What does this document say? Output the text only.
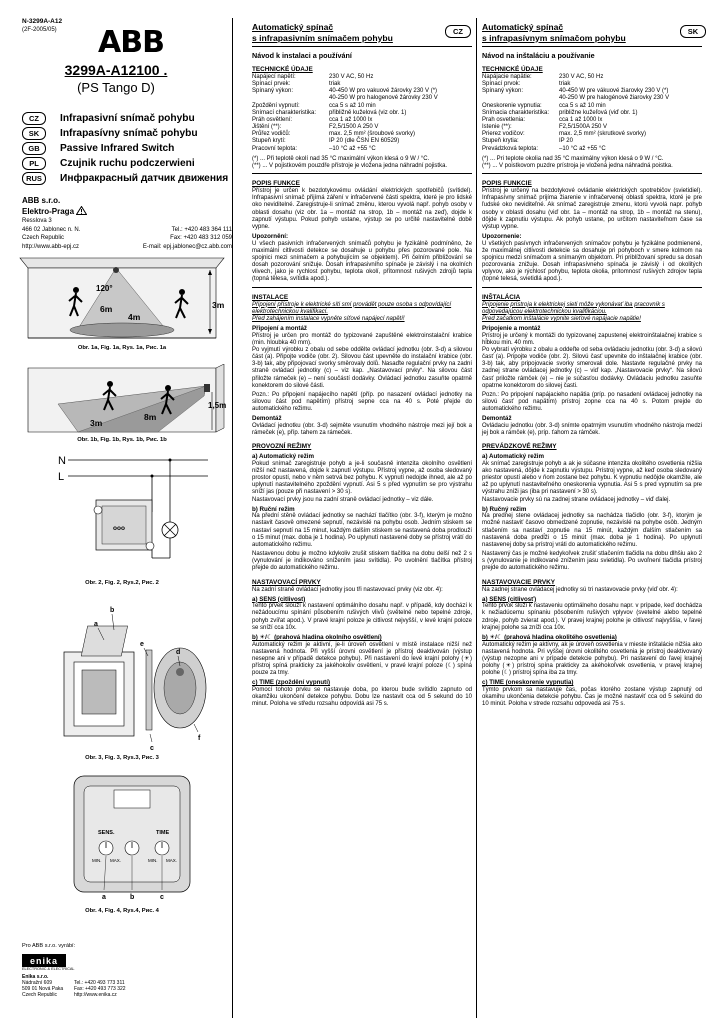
N-3299A-A12
(2F-2005/05) ABB
3299A-A12100 .
(PS Tango D)
CZ	Infrapasivní snímač pohybu
SK	Infrapasívny snímač pohybu
GB	Passive Infrared Switch
PL	Czujnik ruchu podczerwieni
RUS	Инфракрасный датчик движения
ABB s.r.o.
Elektro-Praga
Resslova 3
466 02 Jablonec n. N.	Tel.: +420 483 364 111
Czech Republic	Fax: +420 483 312 059
http://www.abb-epj.cz	E-mail: epj.jablonec@cz.abb.com
120°
6m
4m
3m
Obr. 1a, Fig. 1a, Rys. 1a, Рис. 1a
3m
8m
1,5m
Obr. 1b, Fig. 1b, Rys. 1b, Рис. 1b
N
L
ooo
Obr. 2, Fig. 2, Rys.2, Рис. 2
b
a
e
d
f
c
Obr. 3, Fig. 3, Rys.3, Рис. 3
SENS.	TIME
MIN. MAX.	MIN. MAX.
a	b	c
Obr. 4, Fig. 4, Rys.4, Рис. 4
Pro ABB s.r.o. vyrábí:
enika
ELECTRONIC & ELECTRICAL
Enika s.r.o.
Nádražní 609	Tel.: +420 493 773 311
509 01 Nová Paka	Fax: +420 493 773 322
Czech Republic	http://www.enika.cz
CZ
Automatický spínač
s infrapasivním snímačem pohybu
Návod k instalaci a používání
TECHNICKÉ ÚDAJE
Napájecí napětí:	230 V AC, 50 Hz
Spínací prvek:	triak
Spínaný výkon:	40-450 W pro vakuové žárovky 230 V (*)
40-250 W pro halogenové žárovky 230 V
Zpoždění vypnutí:	cca 5 s až 10 min
Snímací charakteristika:	přibližně kuželová (viz obr. 1)
Práh osvětlení:	cca 1 až 1000 lx
Jištění (**):	F2,5/1500 A 250 V
Průřez vodičů:	max. 2,5 mm² (šroubové svorky)
Stupeň krytí:	IP 20 (dle ČSN EN 60529)
Pracovní teplota:	–10 °C až +55 °C
(*) ... Při teplotě okolí nad 35 °C maximální výkon klesá o 9 W / °C.
(**) ... V pojistkovém pouzdře přístroje je vložena jedna náhradní pojistka.
POPIS FUNKCE
Přístroj je určen k bezdotykovému ovládání elektrických spotřebičů (svítidel). Infrapasivní snímač přijímá záření v infračervené části spektra, které je pro lidské oko neviditelné. Zaregistruje-li snímač změnu, kterou vyvolá např. pohyb osoby v oblasti dosahu (viz obr. 1a – montáž na strop, 1b – montáž na zeď), dojde k zapnutí výstupu. Pokud pohyb ustane, výstup se po určité nastavitelné době vypne.
Upozornění:
U všech pasivních infračervených snímačů pohybu je fyzikálně podmíněno, že maximální citlivosti detekce se dosahuje u pohybu přes pozorované pole. Na spojnici mezi snímačem a pohybujícím se objektem). Při čelním přibližování se dosah pozorování snižuje. Dosah infrapasivního spínače je závislý i na okolních vlivech, jako je rychlost pohybu, teplota okolí, přítomnost rušivých zdrojů tepla (topná tělesa, svítidla apod.).
INSTALACE
Připojení přístroje k elektrické síti smí provádět pouze osoba s odpovídající elektrotechnickou kvalifikací.
Před zahájením instalace vypněte síťové napájecí napětí!
Připojení a montáž
Přístroj je určen pro montáž do typizované zapuštěné elektroinstalační krabice (min. hloubka 40 mm).
Po vyjmutí výrobku z obalu od sebe oddělte ovládací jednotku (obr. 3-d) a silovou část (a). Připojte vodiče (obr. 2). Silovou část upevněte do instalační krabice (obr. 3-b) tak, aby připojovací svorky směrovaly dolů. Nasaďte regulační prvky na zadní straně ovládací jednotky (c) – viz kap. „Nastavovací prvky“. Na silovou část přiložte rámeček (e) – není součástí dodávky. Ovládací jednotku zasuňte opatrně konektorem do silové části.
Pozn.: Po připojení napájecího napětí (příp. po nasazení ovládací jednotky na silovou část pod napětím) přístroj sepne cca na 40 s. Poté přejde do automatického režimu.
Demontáž
Ovládací jednotku (obr. 3-d) sejměte vsunutím vhodného nástroje mezi její bok a rámeček (e), příp. tahem za rámeček.
PROVOZNÍ REŽIMY
a) Automatický režim
Pokud snímač zaregistruje pohyb a je-li současně intenzita okolního osvětlení nižší než nastavená, dojde k zapnutí výstupu. Přístroj vypne, až osoba sledovaný prostor opustí, nebo v něm setrvá bez pohybu. K vypnutí nedojde ihned, ale až po uplynutí nastavitelného zpoždění vypnutí. Asi 5 s před vypnutím se pro výstrahu sníží jas (pouze při nastavení > 30 s).
Nastavovací prvky jsou na zadní straně ovládací jednotky – viz dále.
b) Ruční režim
Na přední stěně ovládací jednotky se nachází tlačítko (obr. 3-f), kterým je možno nastavit časově omezené sepnutí, nezávislé na pohybu osob. Jedním stiskem se nastaví sepnutí na 15 minut, každým dalším stiskem se nastavená doba prodlouží o 15 minut (max. doba je 1 hodina). Po uplynutí nastavené doby se přístroj vrátí do automatického režimu.
Nastavenou dobu je možno kdykoliv zrušit stiskem tlačítka na dobu delší než 2 s (vynulování je indikováno snížením jasu svítidla). Po uvolnění tlačítka přístroj přejde do automatického režimu.
NASTAVOVACÍ PRVKY
Na zadní straně ovládací jednotky jsou tři nastavovací prvky (viz obr. 4):
a) SENS (citlivost)
Tento prvek slouží k nastavení optimálního dosahu např. v případě, kdy dochází k nežádoucímu spínání působením rušivých vlivů (světelné nebo tepelné zdroje, pohyb zvířat apod.). V pravé krajní poloze je citlivost nejvyšší, v levé krajní poloze se sníží cca 10x.
b) ☀/☾ (prahová hladina okolního osvětlení)
Automatický režim je aktivní, je-li úroveň osvětlení v místě instalace nižší než nastavená hodnota. Při vyšší úrovni osvětlení je přístroj deaktivován (výstup nesepne ani v případě detekce pohybu). Při nastavení do levé krajní polohy (☀) přístroj spíná prakticky za jakéhokoliv osvětlení, v pravé krajní poloze (☾) spíná pouze za tmy.
c) TIME (zpoždění vypnutí)
Pomocí tohoto prvku se nastavuje doba, po kterou bude svítidlo zapnuto od okamžiku ukončení detekce pohybu. Dobu lze nastavit cca od 5 sekund do 10 minut. Poloha ve středu rozsahu odpovídá asi 75 s.
SK
Automatický spínač
s infrapasívnym snímačom pohybu
Návod na inštaláciu a používanie
TECHNICKÉ ÚDAJE
Napájacie napätie:	230 V AC, 50 Hz
Spínací prvok:	triak
Spínaný výkon:	40-450 W pre vákuové žiarovky 230 V (*)
40-250 W pre halogénové žiarovky 230 V
Oneskorenie vypnutia:	cca 5 s až 10 min
Snímacia charakteristika:	približne kužeľová (viď obr. 1)
Prah osvetlenia:	cca 1 až 1000 lx
Istenie (**):	F2,5/1500A 250 V
Prierez vodičov:	max. 2,5 mm² (skrutkové svorky)
Stupeň krytia:	IP 20
Prevádzková teplota:	–10 °C až +55 °C
(*) ... Pri teplote okolia nad 35 °C maximálny výkon klesá o 9 W / °C.
(**) ... V poistkovom puzdre prístroja je vložená jedna náhradná poistka.
POPIS FUNKCIE
Prístroj je určený na bezdotykové ovládanie elektrických spotrebičov (svietidiel). Infrapasívny snímač prijíma žiarenie v infračervenej oblasti spektra, ktoré je pre ľudské oko neviditeľné. Ak snímač zaregistruje zmenu, ktorú vyvolá napr. pohyb osoby v oblasti dosahu (viď obr. 1a – montáž na strop, 1b – montáž na stenu), dôjde k zapnutiu výstupu. Ak pohyb ustane, po určitom nastaviteľnom čase sa výstup vypne.
Upozornenie:
U všetkých pasívnych infračervených snímačov pohybu je fyzikálne podmienené, že maximálnej citlivosti detekcie sa dosahuje pri pohyboch v smere kolmom na spojnicu medzi snímačom a snímaným objektom. Pri priblížovaní spredu sa dosah pozorovania znižuje. Dosah infrapasívneho spínača je závislý i od okolitých vplyvov, ako je rýchlosť pohybu, teplota okolia, prítomnosť rušivých zdrojov tepla (topné telesá, svietidlá apod.).
INŠTALÁCIA
Pripojenie prístroja k elektrickej sieti môže vykonávať iba pracovník s odpovedajúcou elektrotechnickou kvalifikáciou.
Pred začatkom inštalácie vypnite sieťové napájacie napätie!
Pripojenie a montáž
Prístroj je určený k montáži do typizovanej zapustenej elektroinštalačnej krabice s hĺbkou min. 40 mm.
Po vybratí výrobku z obalu a oddeľte od seba ovládaciu jednotku (obr. 3-d) a silovú časť (a). Pripojte vodiče (obr. 2). Silovú časť upevnite do inštalačnej krabice (obr. 3-b) tak, aby pripojovacie svorky smerovali dole. Nastavte regulačné prvky na zadnej strane ovládacej jednotky (c) – viď kap. „Nastavovacie prvky“. Na silovú časť priložte rámček (e) – nie je súčasťou dodávky. Ovládaciu jednotku zasuňte opatrne konektorom do silovej časti.
Pozn.: Po pripojení napájacieho napätia (príp. po nasadení ovládacej jednotky na silovú časť pod napätím) prístroj zopne cca na 40 s. Potom prejde do automatického režimu.
Demontáž
Ovládaciu jednotku (obr. 3-d) snímte opatrným vsunutím vhodného nástroja medzi jej bok a rámček (e), príp. ťahom za rámček.
PREVÁDZKOVÉ REŽIMY
a) Automatický režim
Ak snímač zaregistruje pohyb a ak je súčasne intenzita okolitého osvetlenia nižšia ako nastavená, dôjde k zapnutiu výstupu. Prístroj vypne, až keď osoba sledovaný priestor opustí alebo v ňom zostane bez pohybu. K vypnutiu nedôjde okamžite, ale až po uplynutí nastaviteľného oneskorenia vypnutia. Asi 5 s pred vypnutím sa pre výstrahu zníži jas (iba pri nastavení > 30 s).
Nastavovacie prvky sú na zadnej strane ovládacej jednotky – viď ďalej.
b) Ručný režim
Na prednej stene ovládacej jednotky sa nachádza tlačidlo (obr. 3-f), ktorým je možné nastaviť časovo obmedzené zopnutie, nezávislé na pohybe osôb. Jedným stlačením sa nastaví zopnutie na 15 minút, každým ďalším stlačením sa nastavená doba predĺži o 15 minút (max. doba je 1 hodina). Po uplynutí nastavenej doby sa prístroj vráti do automatického režimu.
Nastavený čas je možné kedykoľvek zrušiť stlačením tlačidla na dobu dlhšiu ako 2 s (vynulovanie je indikované znížením jasu svietidla). Po uvoľnení tlačidla prístroj prejde do automatického režimu.
NASTAVOVACIE PRVKY
Na zadnej strane ovládacej jednotky sú tri nastavovacie prvky (viď obr. 4):
a) SENS (citlivosť)
Tento prvok slúži k nastaveniu optimálneho dosahu napr. v prípade, keď dochádza k nežiadúcemu spínaniu pôsobením rušivých vplyvov (svetelné alebo tepelné zdroje, pohyb zvierat apod.). V pravej krajnej polohe je citlivosť najvyššia, v ľavej krajnej polohe sa zníži cca 10x.
b) ☀/☾ (prahová hladina okolitého osvetlenia)
Automatický režim je aktívny, ak je úroveň osvetlenia v mieste inštalácie nižšia ako nastavená hodnota. Pri vyššej úrovni okolitého osvetlenia je prístroj deaktivovaný (výstup nezopne ani v prípade detekcie pohybu). Pri nastavení do ľavej krajnej polohy (☀) prístroj spína prakticky za akéhokoľvek osvetlenia, v pravej krajnej polohe (☾) prístroj spína iba za tmy.
c) TIME (oneskorenie vypnutia)
Týmto prvkom sa nastavuje čas, počas ktorého zostane výstup zapnutý od okamihu ukončenia detekcie pohybu. Čas je možné nastaviť cca od 5 sekúnd do 10 minút. Poloha v strede rozsahu odpovedá asi 75 s.
